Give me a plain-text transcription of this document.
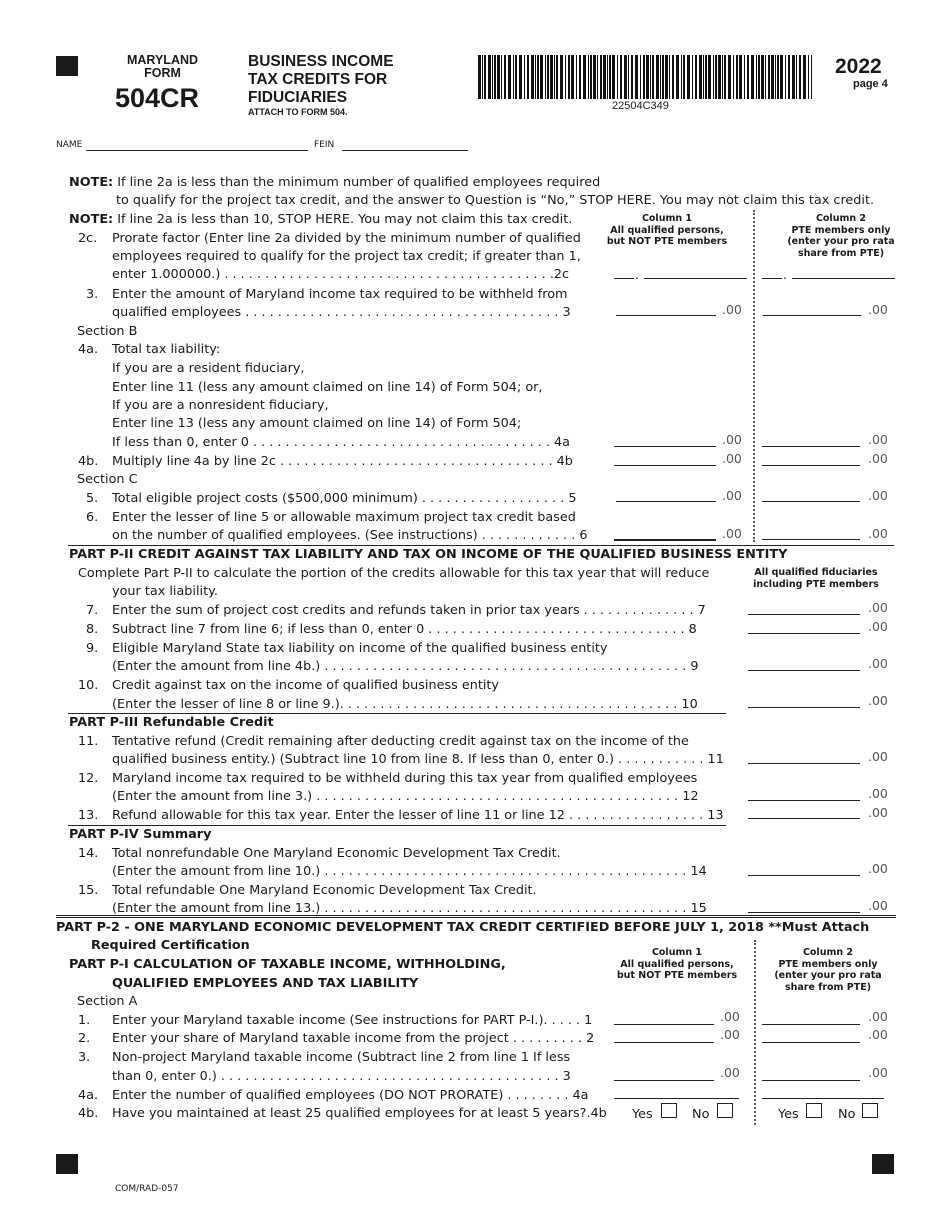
MARYLAND
FORM
504CR
BUSINESS INCOME
TAX CREDITS FOR
FIDUCIARIES
ATTACH TO FORM 504.	22504C349
2022
page 4
NAME	FEIN
NOTE: If line 2a is less than the minimum number of qualified employees required
to qualify for the project tax credit, and the answer to Question is “No,” STOP HERE. You may not claim this tax credit.
NOTE: If line 2a is less than 10, STOP HERE. You may not claim this tax credit.	Column 1
All qualified persons,
but NOT PTE members
Column 2
PTE members only
(enter your pro rata
share from PTE)
2c. Prorate factor (Enter line 2a divided by the minimum number of qualified
employees required to qualify for the project tax credit; if greater than 1,
enter 1.000000.) . . . . . . . . . . . . . . . . . . . . . . . . . . . . . . . . . . . . . . . . .2c	.	.
3. Enter the amount of Maryland income tax required to be withheld from
qualified employees . . . . . . . . . . . . . . . . . . . . . . . . . . . . . . . . . . . . . . . 3	.00	.00
Section B
4a. Total tax liability:
If you are a resident fiduciary,
Enter line 11 (less any amount claimed on line 14) of Form 504; or,
If you are a nonresident fiduciary,
Enter line 13 (less any amount claimed on line 14) of Form 504;
If less than 0, enter 0 . . . . . . . . . . . . . . . . . . . . . . . . . . . . . . . . . . . . . 4a	.00	.00
4b. Multiply line 4a by line 2c . . . . . . . . . . . . . . . . . . . . . . . . . . . . . . . . . . 4b	.00	.00
Section C
5. Total eligible project costs ($500,000 minimum) . . . . . . . . . . . . . . . . . . 5	.00	.00
6. Enter the lesser of line 5 or allowable maximum project tax credit based
on the number of qualified employees. (See instructions) . . . . . . . . . . . . 6	.00	.00
PART P-II CREDIT AGAINST TAX LIABILITY AND TAX ON INCOME OF THE QUALIFIED BUSINESS ENTITY
Complete Part P-II to calculate the portion of the credits allowable for this tax year that will reduce
your tax liability.
All qualified fiduciaries
including PTE members
7. Enter the sum of project cost credits and refunds taken in prior tax years . . . . . . . . . . . . . . 7	.00
8. Subtract line 7 from line 6; if less than 0, enter 0 . . . . . . . . . . . . . . . . . . . . . . . . . . . . . . . . 8	.00
9. Eligible Maryland State tax liability on income of the qualified business entity
(Enter the amount from line 4b.) . . . . . . . . . . . . . . . . . . . . . . . . . . . . . . . . . . . . . . . . . . . . . 9	.00
10. Credit against tax on the income of qualified business entity
(Enter the lesser of line 8 or line 9.). . . . . . . . . . . . . . . . . . . . . . . . . . . . . . . . . . . . . . . . . . 10	.00
PART P-III Refundable Credit
11. Tentative refund (Credit remaining after deducting credit against tax on the income of the
qualified business entity.) (Subtract line 10 from line 8. If less than 0, enter 0.) . . . . . . . . . . . 11	.00
12. Maryland income tax required to be withheld during this tax year from qualified employees
(Enter the amount from line 3.) . . . . . . . . . . . . . . . . . . . . . . . . . . . . . . . . . . . . . . . . . . . . . 12	.00
13. Refund allowable for this tax year. Enter the lesser of line 11 or line 12 . . . . . . . . . . . . . . . . . 13	.00
PART P-IV Summary
14. Total nonrefundable One Maryland Economic Development Tax Credit.
(Enter the amount from line 10.) . . . . . . . . . . . . . . . . . . . . . . . . . . . . . . . . . . . . . . . . . . . . . 14	.00
15. Total refundable One Maryland Economic Development Tax Credit.
(Enter the amount from line 13.) . . . . . . . . . . . . . . . . . . . . . . . . . . . . . . . . . . . . . . . . . . . . . 15	.00
PART P-2 - ONE MARYLAND ECONOMIC DEVELOPMENT TAX CREDIT CERTIFIED BEFORE JULY 1, 2018 **Must Attach
Required Certification
PART P-I CALCULATION OF TAXABLE INCOME, WITHHOLDING,
QUALIFIED EMPLOYEES AND TAX LIABILITY
Column 1
All qualified persons,
but NOT PTE members
Column 2
PTE members only
(enter your pro rata
share from PTE)
Section A
1. Enter your Maryland taxable income (See instructions for PART P-I.). . . . . 1	.00	.00
2. Enter your share of Maryland taxable income from the project . . . . . . . . . 2	.00	.00
3. Non-project Maryland taxable income (Subtract line 2 from line 1 If less
than 0, enter 0.) . . . . . . . . . . . . . . . . . . . . . . . . . . . . . . . . . . . . . . . . . . 3	.00	.00
4a. Enter the number of qualified employees (DO NOT PRORATE) . . . . . . . . 4a
4b. Have you maintained at least 25 qualified employees for at least 5 years?.4b Yes	No	Yes	No
COM/RAD-057
